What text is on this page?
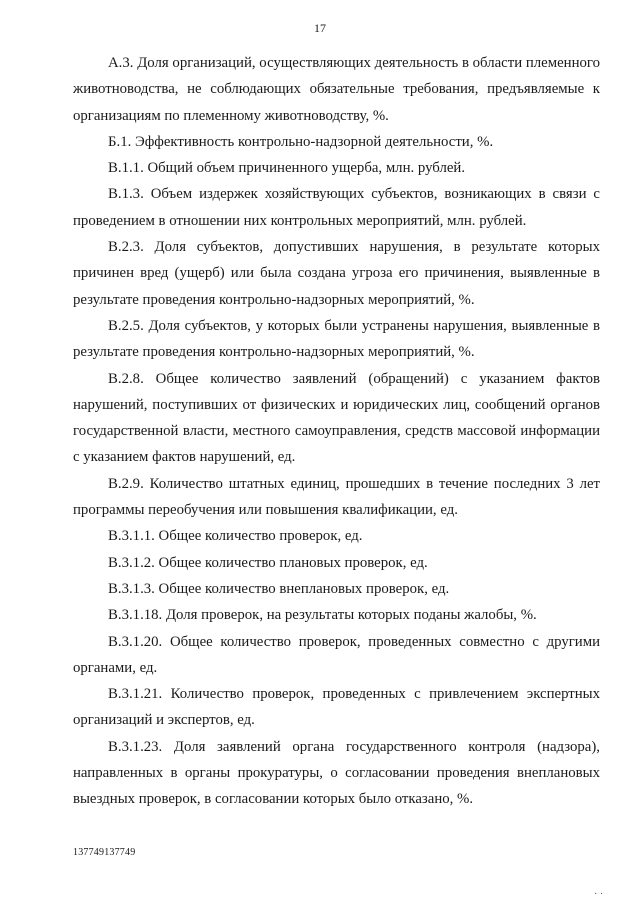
17

А.3. Доля организаций, осуществляющих деятельность в области племенного животноводства, не соблюдающих обязательные требования, предъявляемые к организациям по племенному животноводству, %.

Б.1. Эффективность контрольно-надзорной деятельности, %.

В.1.1. Общий объем причиненного ущерба, млн. рублей.

В.1.3. Объем издержек хозяйствующих субъектов, возникающих в связи с проведением в отношении них контрольных мероприятий, млн. рублей.

В.2.3. Доля субъектов, допустивших нарушения, в результате которых причинен вред (ущерб) или была создана угроза его причинения, выявленные в результате проведения контрольно-надзорных мероприятий, %.

В.2.5. Доля субъектов, у которых были устранены нарушения, выявленные в результате проведения контрольно-надзорных мероприятий, %.

В.2.8. Общее количество заявлений (обращений) с указанием фактов нарушений, поступивших от физических и юридических лиц, сообщений органов государственной власти, местного самоуправления, средств массовой информации с указанием фактов нарушений, ед.

В.2.9. Количество штатных единиц, прошедших в течение последних 3 лет программы переобучения или повышения квалификации, ед.

В.3.1.1. Общее количество проверок, ед.

В.3.1.2. Общее количество плановых проверок, ед.

В.3.1.3. Общее количество внеплановых проверок, ед.

В.3.1.18. Доля проверок, на результаты которых поданы жалобы, %.

В.3.1.20. Общее количество проверок, проведенных совместно с другими органами, ед.

В.3.1.21. Количество проверок, проведенных с привлечением экспертных организаций и экспертов, ед.

В.3.1.23. Доля заявлений органа государственного контроля (надзора), направленных в органы прокуратуры, о согласовании проведения внеплановых выездных проверок, в согласовании которых было отказано, %.

137749137749
· ·
